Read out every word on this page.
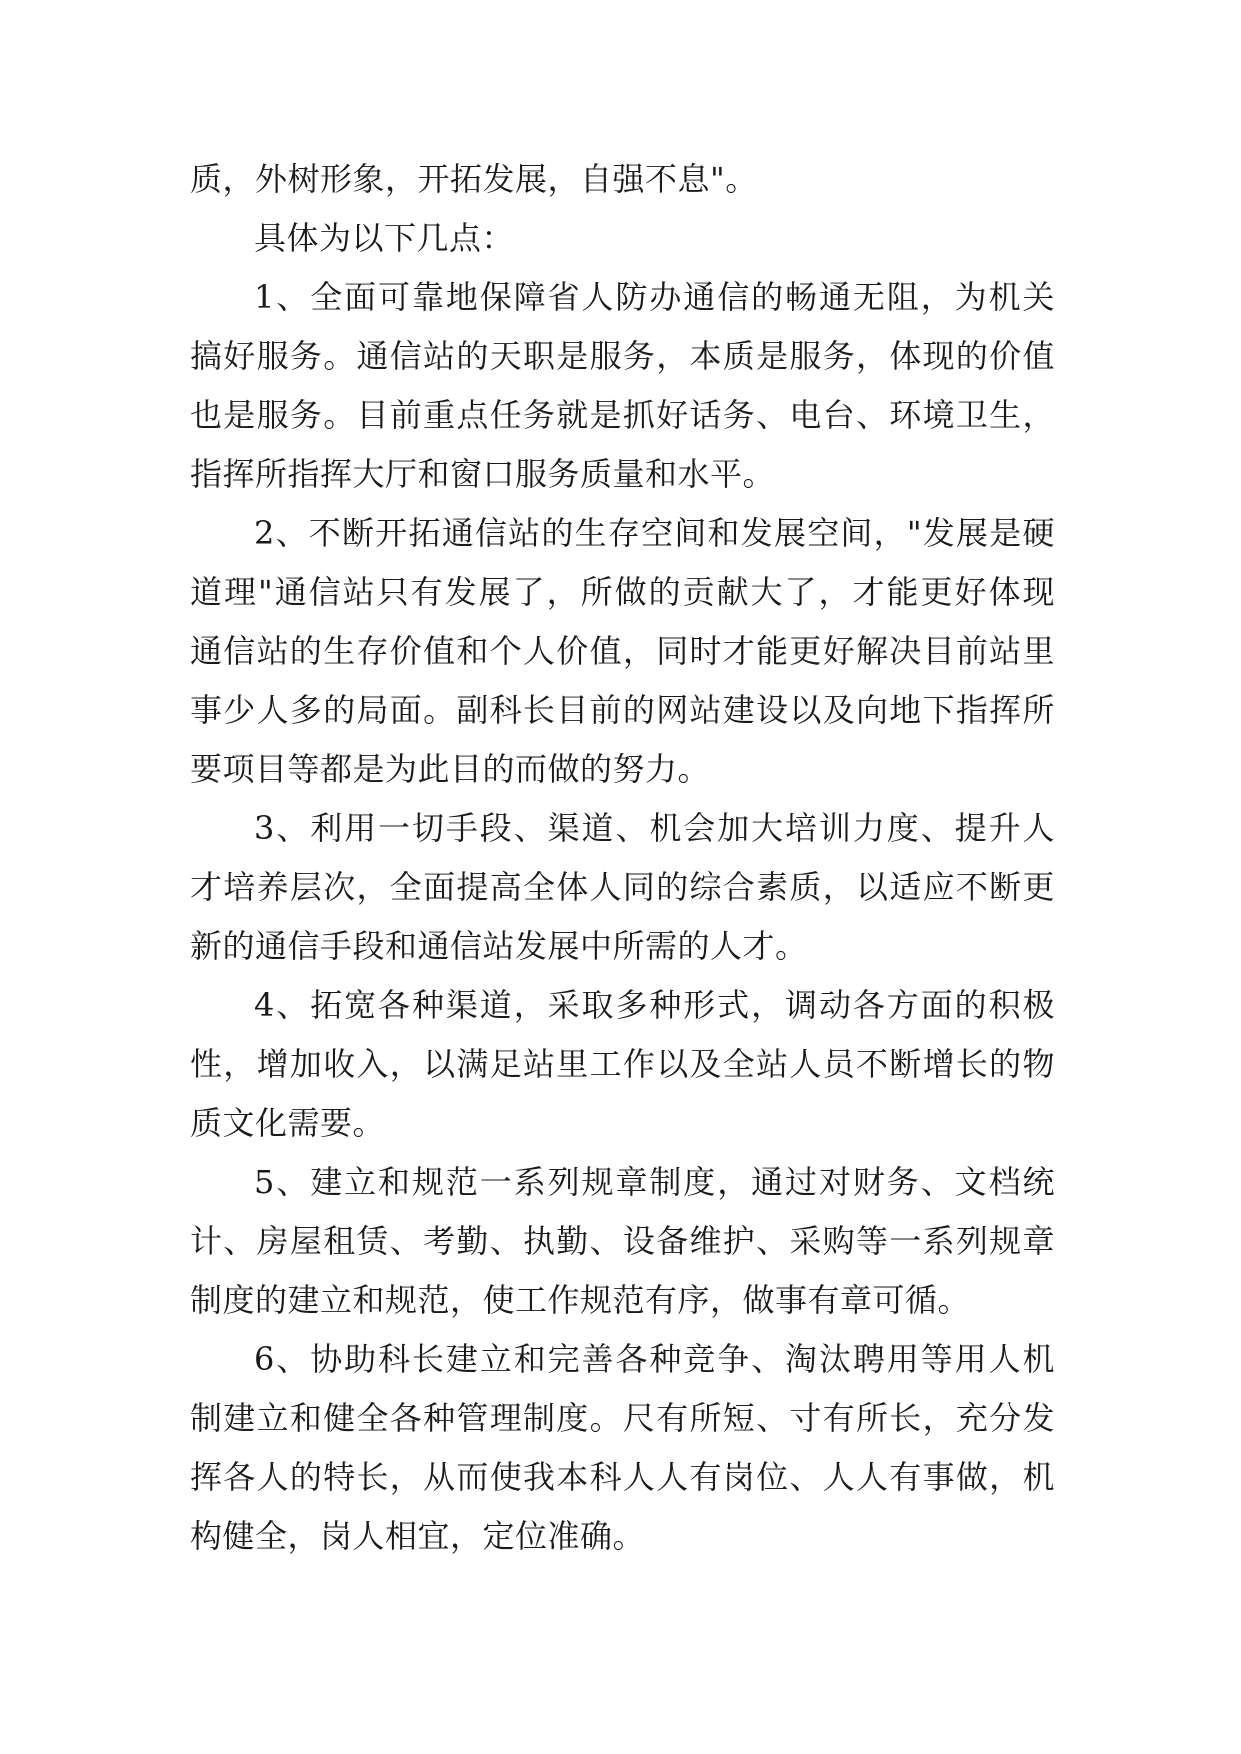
质，外树形象，开拓发展，自强不息"。
具体为以下几点：
1、全面可靠地保障省人防办通信的畅通无阻，为机关
搞好服务。通信站的天职是服务，本质是服务，体现的价值
也是服务。目前重点任务就是抓好话务、电台、环境卫生，
指挥所指挥大厅和窗口服务质量和水平。
2、不断开拓通信站的生存空间和发展空间，"发展是硬
道理"通信站只有发展了，所做的贡献大了，才能更好体现
通信站的生存价值和个人价值，同时才能更好解决目前站里
事少人多的局面。副科长目前的网站建设以及向地下指挥所
要项目等都是为此目的而做的努力。
3、利用一切手段、渠道、机会加大培训力度、提升人
才培养层次，全面提高全体人同的综合素质，以适应不断更
新的通信手段和通信站发展中所需的人才。
4、拓宽各种渠道，采取多种形式，调动各方面的积极
性，增加收入，以满足站里工作以及全站人员不断增长的物
质文化需要。
5、建立和规范一系列规章制度，通过对财务、文档统
计、房屋租赁、考勤、执勤、设备维护、采购等一系列规章
制度的建立和规范，使工作规范有序，做事有章可循。
6、协助科长建立和完善各种竞争、淘汰聘用等用人机
制建立和健全各种管理制度。尺有所短、寸有所长，充分发
挥各人的特长，从而使我本科人人有岗位、人人有事做，机
构健全，岗人相宜，定位准确。
